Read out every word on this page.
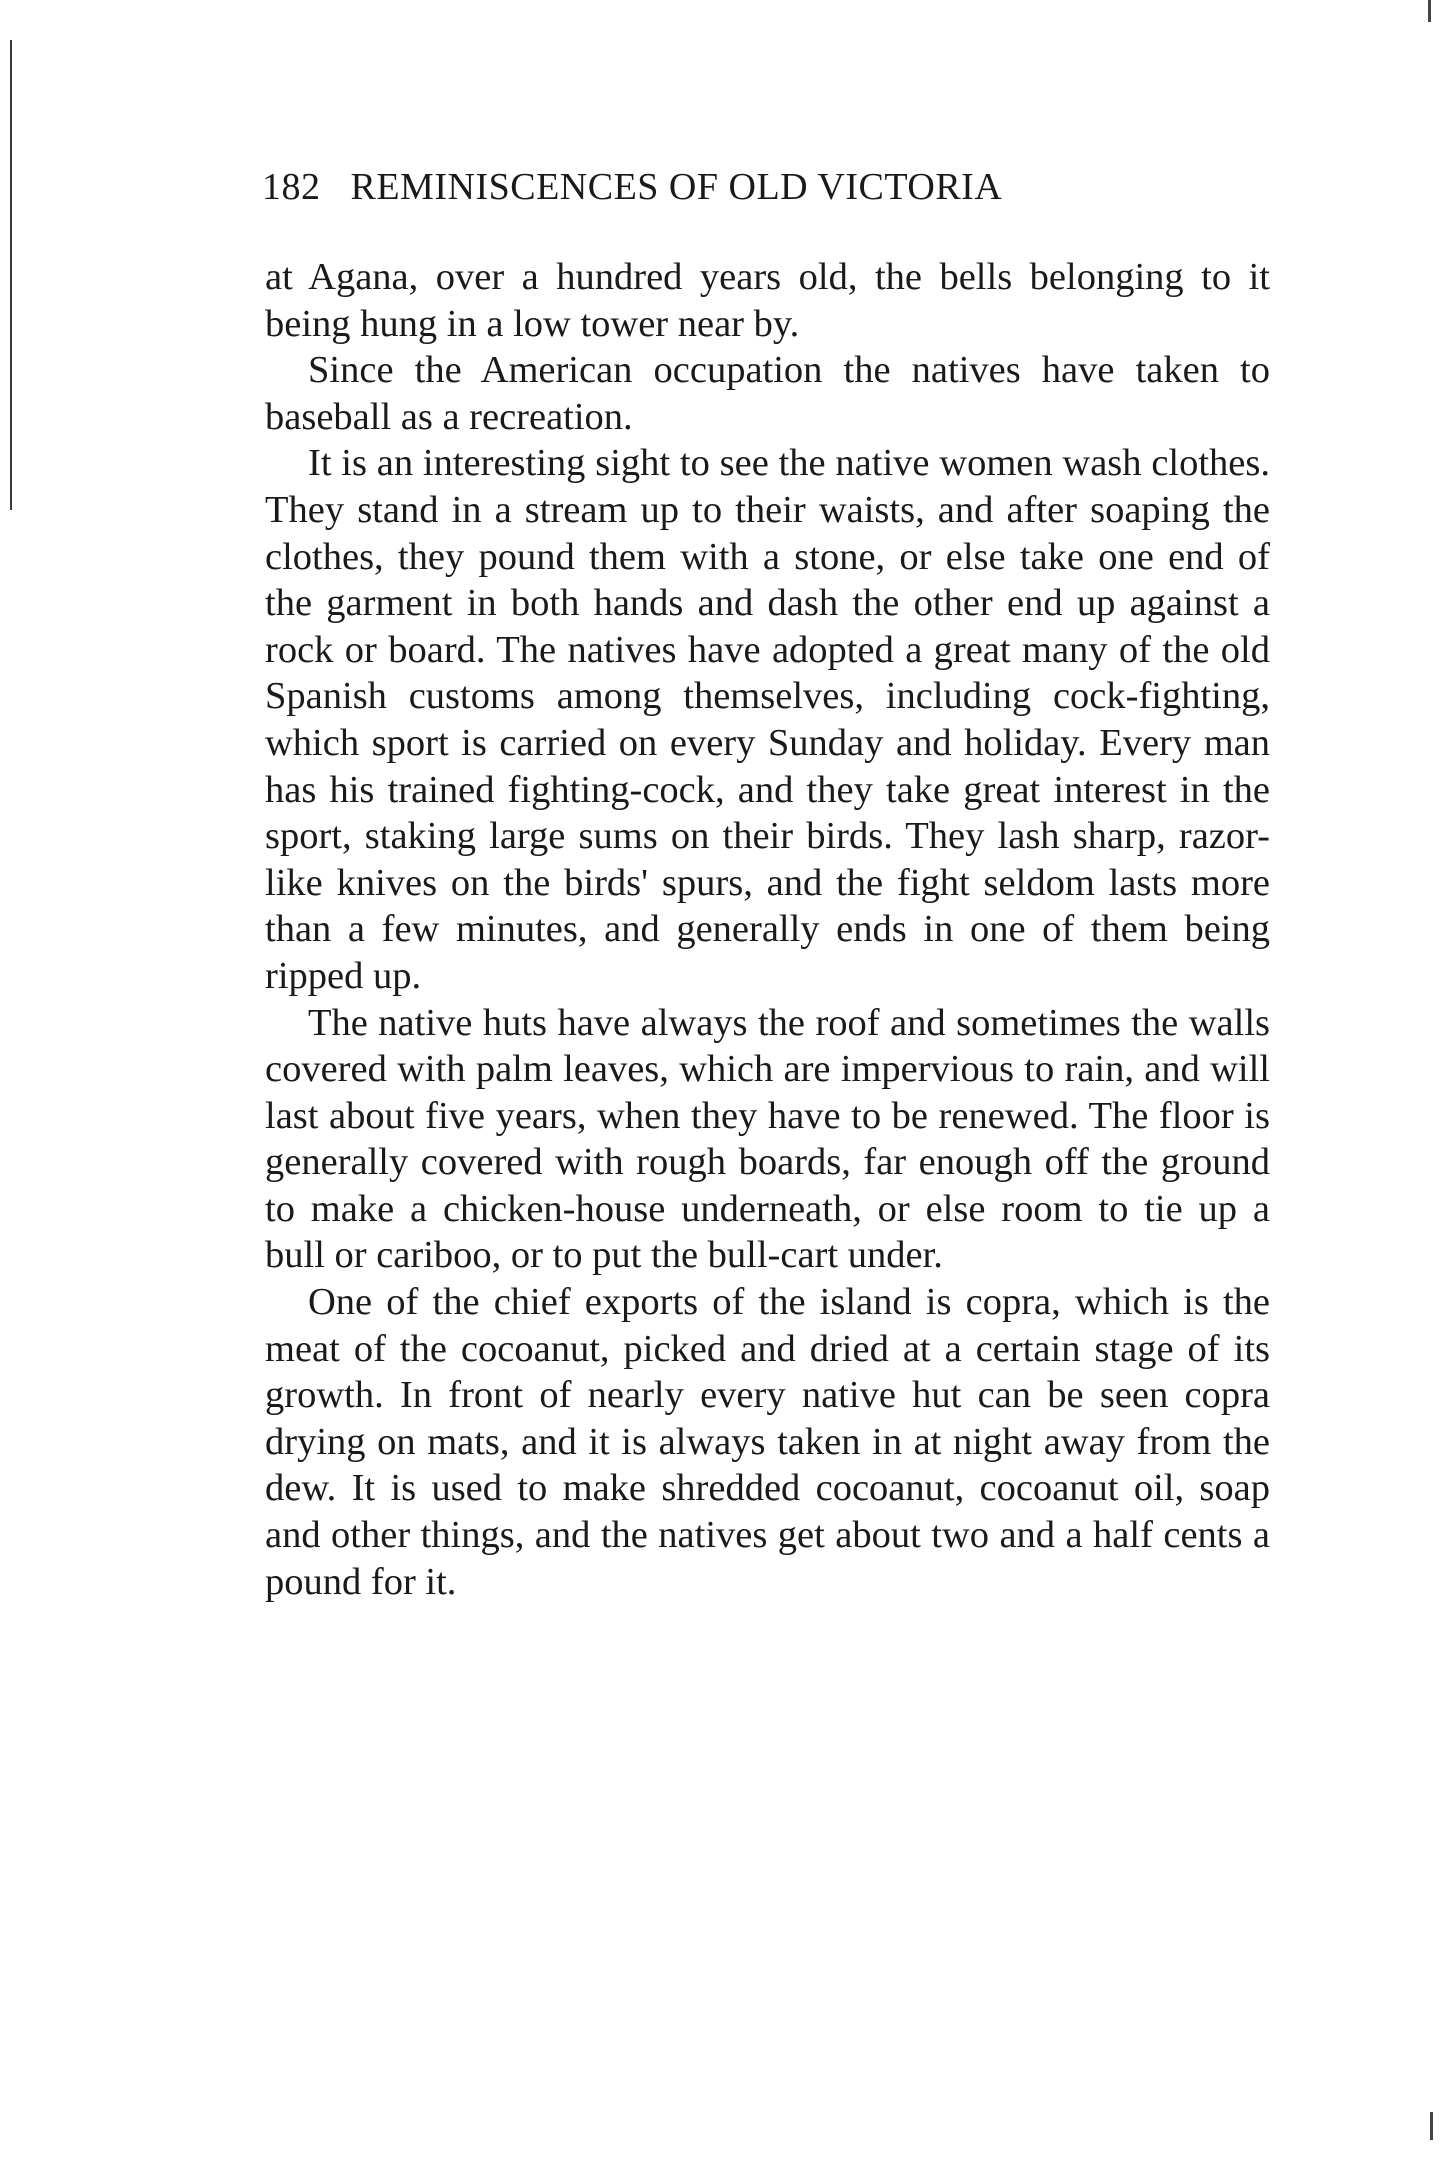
182 REMINISCENCES OF OLD VICTORIA

at Agana, over a hundred years old, the bells belonging to it being hung in a low tower near by.

Since the American occupation the natives have taken to baseball as a recreation.

It is an interesting sight to see the native women wash clothes. They stand in a stream up to their waists, and after soaping the clothes, they pound them with a stone, or else take one end of the garment in both hands and dash the other end up against a rock or board. The natives have adopted a great many of the old Spanish customs among themselves, including cock-fighting, which sport is carried on every Sunday and holiday. Every man has his trained fighting-cock, and they take great interest in the sport, staking large sums on their birds. They lash sharp, razor-like knives on the birds' spurs, and the fight seldom lasts more than a few minutes, and generally ends in one of them being ripped up.

The native huts have always the roof and sometimes the walls covered with palm leaves, which are impervious to rain, and will last about five years, when they have to be renewed. The floor is generally covered with rough boards, far enough off the ground to make a chicken-house underneath, or else room to tie up a bull or cariboo, or to put the bull-cart under.

One of the chief exports of the island is copra, which is the meat of the cocoanut, picked and dried at a certain stage of its growth. In front of nearly every native hut can be seen copra drying on mats, and it is always taken in at night away from the dew. It is used to make shredded cocoanut, cocoanut oil, soap and other things, and the natives get about two and a half cents a pound for it.
